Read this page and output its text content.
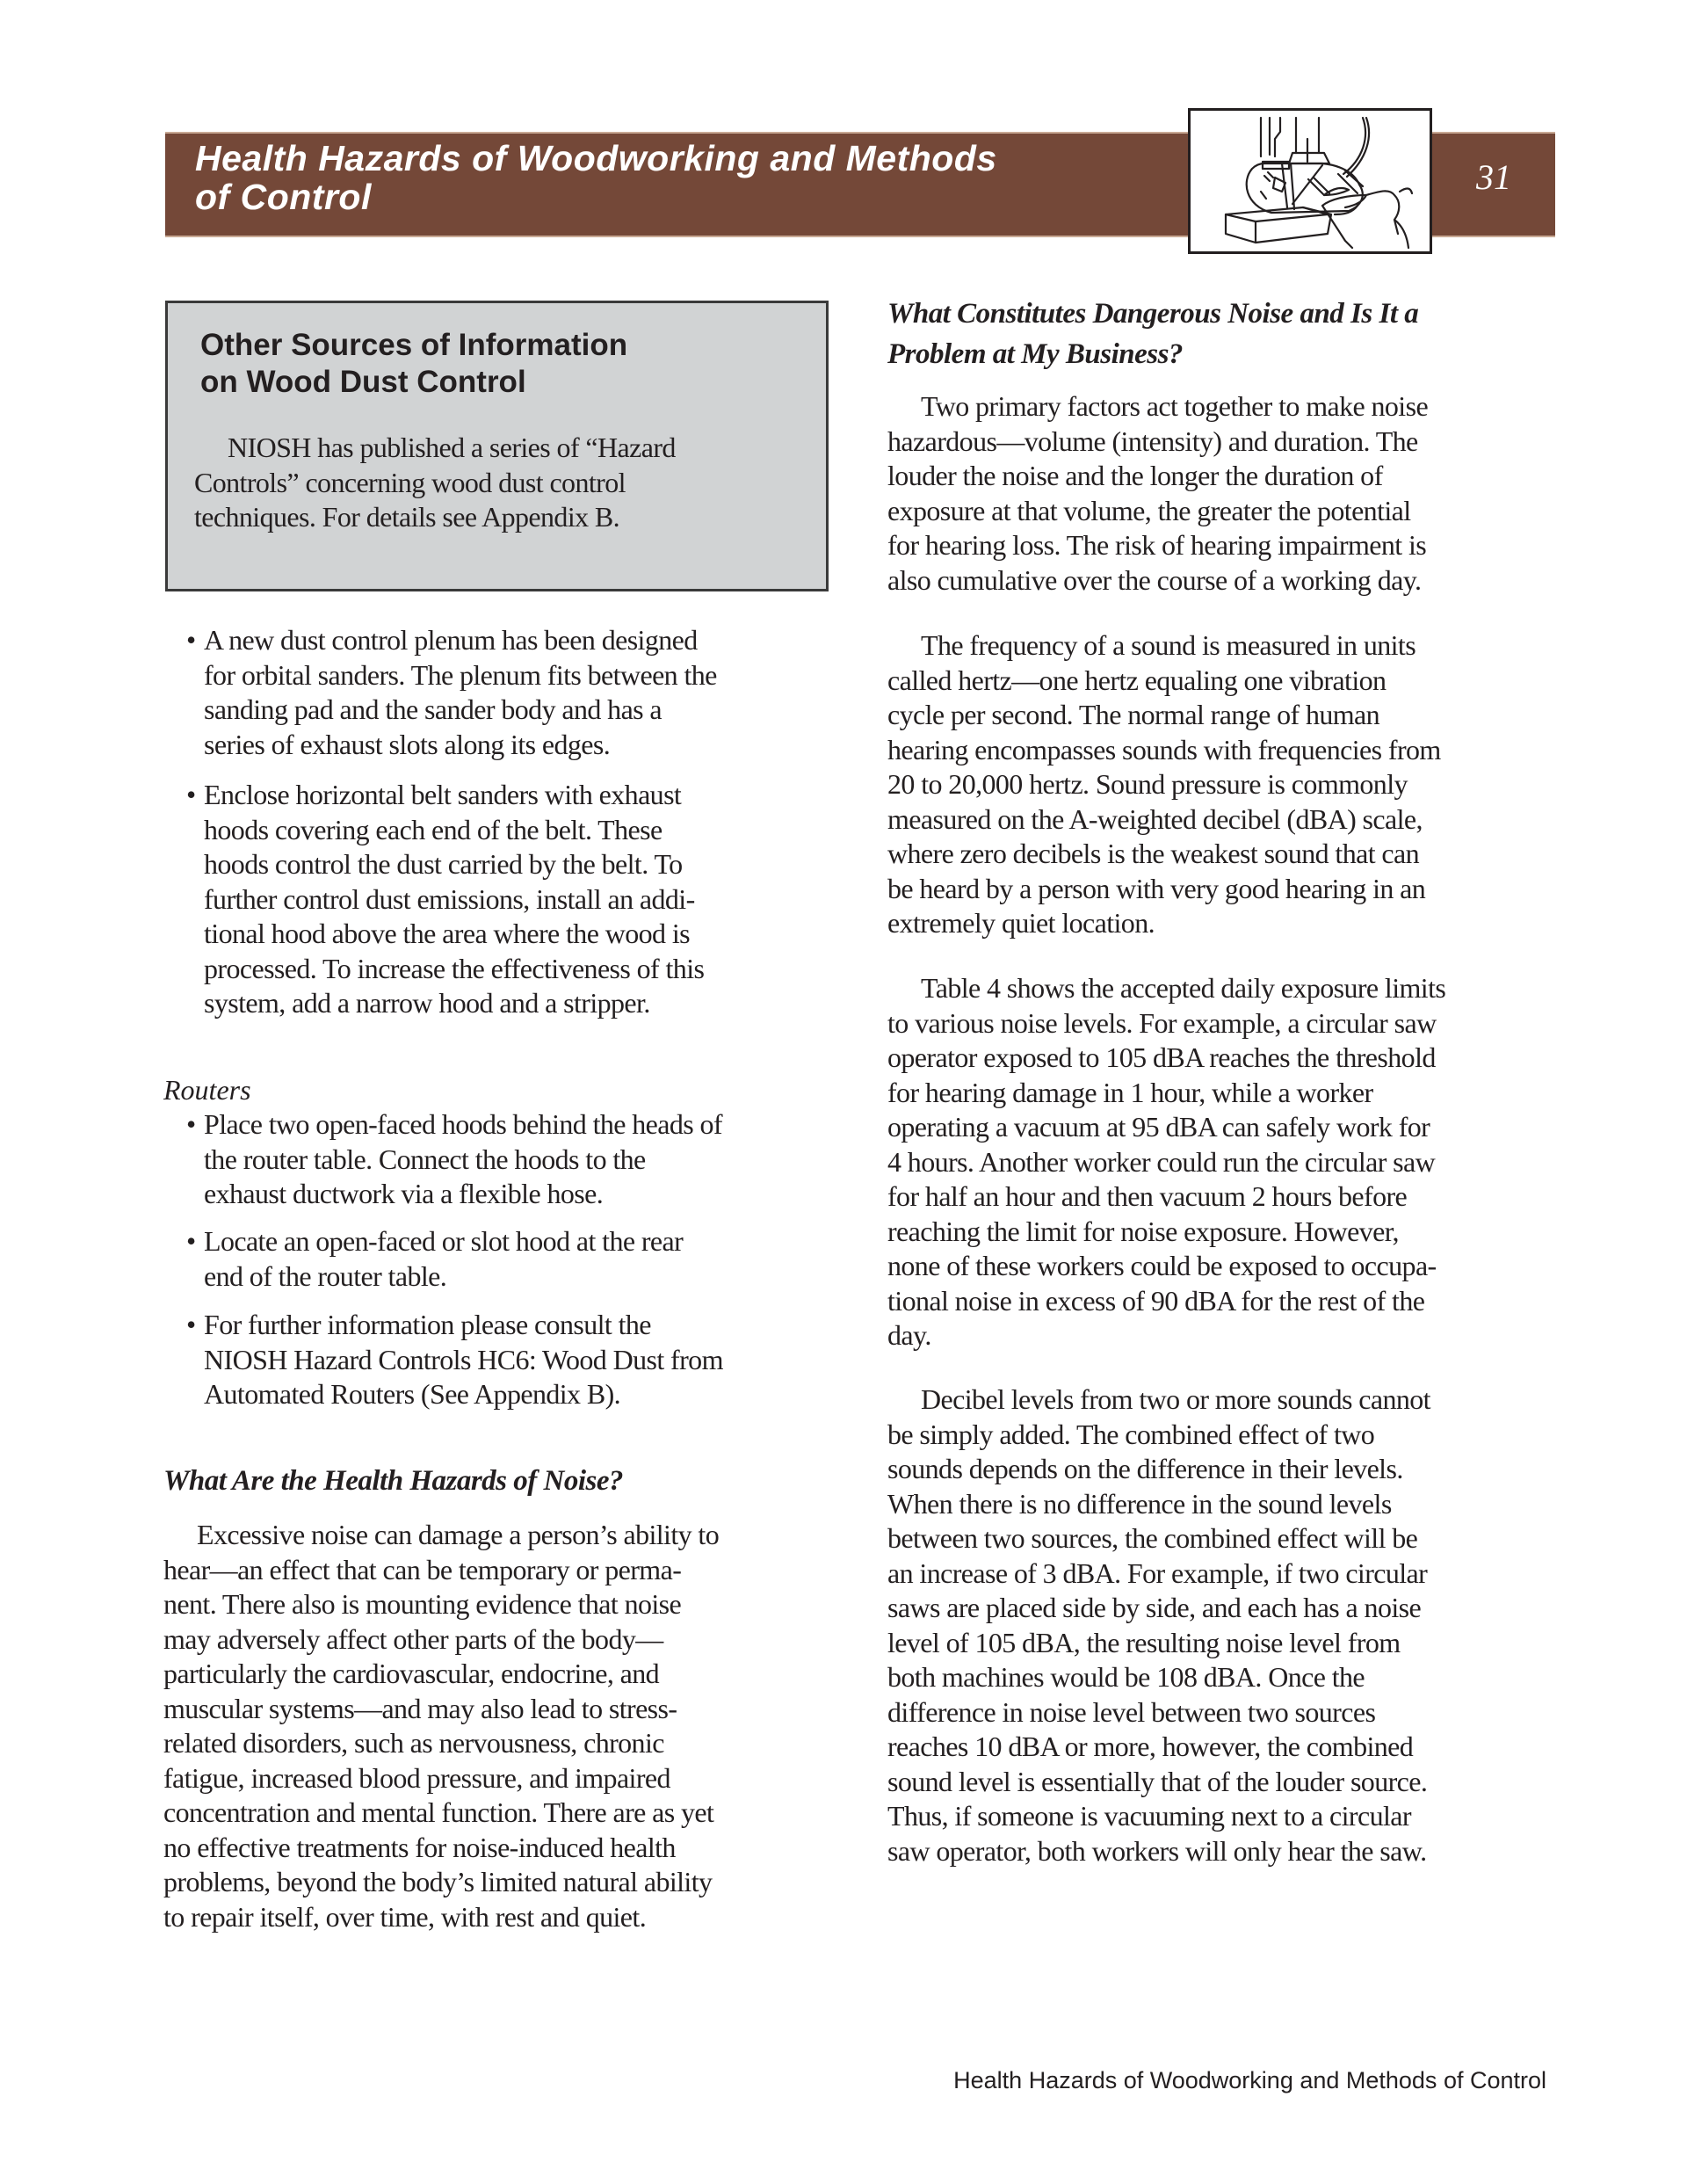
Health Hazards of Woodworking and Methods
of Control	31
Other Sources of Information
on Wood Dust Control
NIOSH has published a series of “Hazard
Controls” concerning wood dust control
techniques. For details see Appendix B.
• A new dust control plenum has been designed
for orbital sanders. The plenum fits between the
sanding pad and the sander body and has a
series of exhaust slots along its edges.
• Enclose horizontal belt sanders with exhaust
hoods covering each end of the belt. These
hoods control the dust carried by the belt. To
further control dust emissions, install an addi-
tional hood above the area where the wood is
processed. To increase the effectiveness of this
system, add a narrow hood and a stripper.
Routers
• Place two open-faced hoods behind the heads of
the router table. Connect the hoods to the
exhaust ductwork via a flexible hose.
• Locate an open-faced or slot hood at the rear
end of the router table.
• For further information please consult the
NIOSH Hazard Controls HC6: Wood Dust from
Automated Routers (See Appendix B).
What Are the Health Hazards of Noise?
Excessive noise can damage a person’s ability to
hear—an effect that can be temporary or perma-
nent. There also is mounting evidence that noise
may adversely affect other parts of the body—
particularly the cardiovascular, endocrine, and
muscular systems—and may also lead to stress-
related disorders, such as nervousness, chronic
fatigue, increased blood pressure, and impaired
concentration and mental function. There are as yet
no effective treatments for noise-induced health
problems, beyond the body’s limited natural ability
to repair itself, over time, with rest and quiet.
What Constitutes Dangerous Noise and Is It a
Problem at My Business?
Two primary factors act together to make noise
hazardous—volume (intensity) and duration. The
louder the noise and the longer the duration of
exposure at that volume, the greater the potential
for hearing loss. The risk of hearing impairment is
also cumulative over the course of a working day.
The frequency of a sound is measured in units
called hertz—one hertz equaling one vibration
cycle per second. The normal range of human
hearing encompasses sounds with frequencies from
20 to 20,000 hertz. Sound pressure is commonly
measured on the A-weighted decibel (dBA) scale,
where zero decibels is the weakest sound that can
be heard by a person with very good hearing in an
extremely quiet location.
Table 4 shows the accepted daily exposure limits
to various noise levels. For example, a circular saw
operator exposed to 105 dBA reaches the threshold
for hearing damage in 1 hour, while a worker
operating a vacuum at 95 dBA can safely work for
4 hours. Another worker could run the circular saw
for half an hour and then vacuum 2 hours before
reaching the limit for noise exposure. However,
none of these workers could be exposed to occupa-
tional noise in excess of 90 dBA for the rest of the
day.
Decibel levels from two or more sounds cannot
be simply added. The combined effect of two
sounds depends on the difference in their levels.
When there is no difference in the sound levels
between two sources, the combined effect will be
an increase of 3 dBA. For example, if two circular
saws are placed side by side, and each has a noise
level of 105 dBA, the resulting noise level from
both machines would be 108 dBA. Once the
difference in noise level between two sources
reaches 10 dBA or more, however, the combined
sound level is essentially that of the louder source.
Thus, if someone is vacuuming next to a circular
saw operator, both workers will only hear the saw.
Health Hazards of Woodworking and Methods of Control
